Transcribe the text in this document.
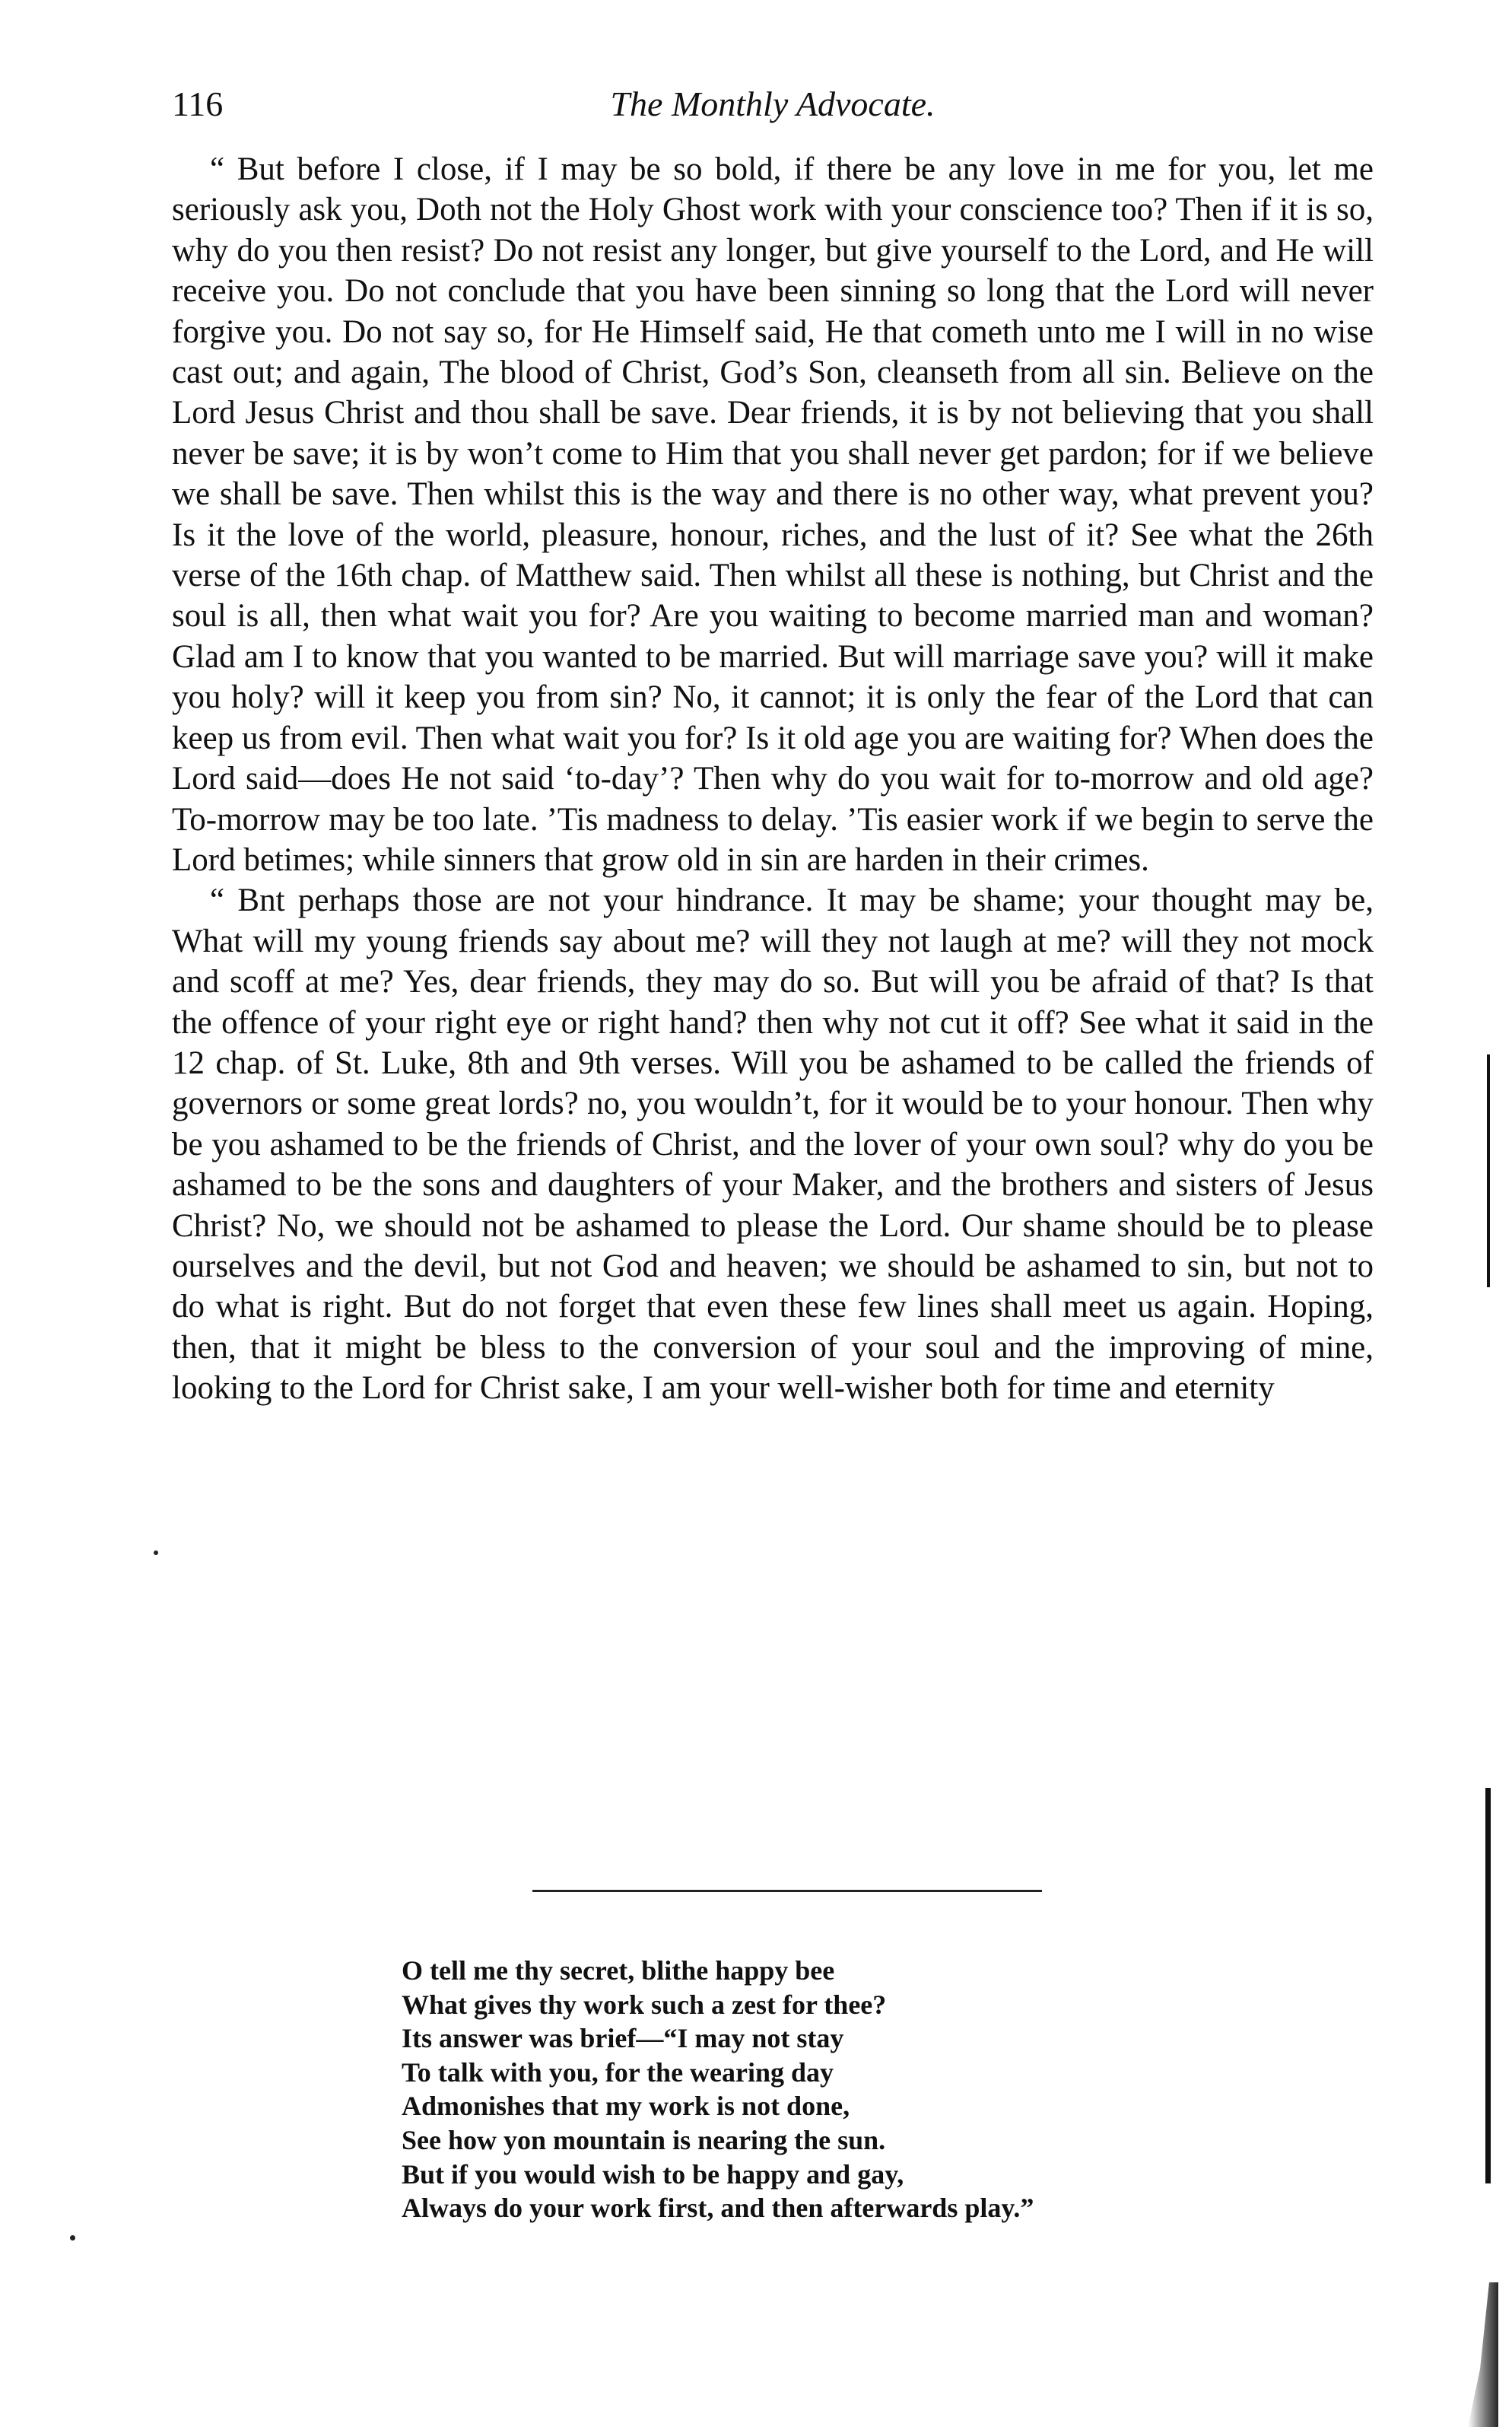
116	The Monthly Advocate.

“ But before I close, if I may be so bold, if there be any love in me for you, let me seriously ask you, Doth not the Holy Ghost work with your conscience too? Then if it is so, why do you then resist? Do not resist any longer, but give yourself to the Lord, and He will receive you. Do not conclude that you have been sinning so long that the Lord will never forgive you. Do not say so, for He Himself said, He that cometh unto me I will in no wise cast out; and again, The blood of Christ, God’s Son, cleanseth from all sin. Believe on the Lord Jesus Christ and thou shall be save. Dear friends, it is by not believing that you shall never be save; it is by won’t come to Him that you shall never get pardon; for if we believe we shall be save. Then whilst this is the way and there is no other way, what prevent you? Is it the love of the world, pleasure, honour, riches, and the lust of it? See what the 26th verse of the 16th chap. of Matthew said. Then whilst all these is nothing, but Christ and the soul is all, then what wait you for? Are you waiting to become married man and woman? Glad am I to know that you wanted to be married. But will marriage save you? will it make you holy? will it keep you from sin? No, it cannot; it is only the fear of the Lord that can keep us from evil. Then what wait you for? Is it old age you are waiting for? When does the Lord said—does He not said ‘to-day’? Then why do you wait for to-morrow and old age? To-morrow may be too late. ’Tis madness to delay. ’Tis easier work if we begin to serve the Lord betimes; while sinners that grow old in sin are harden in their crimes.

“ Bnt perhaps those are not your hindrance. It may be shame; your thought may be, What will my young friends say about me? will they not laugh at me? will they not mock and scoff at me? Yes, dear friends, they may do so. But will you be afraid of that? Is that the offence of your right eye or right hand? then why not cut it off? See what it said in the 12 chap. of St. Luke, 8th and 9th verses. Will you be ashamed to be called the friends of governors or some great lords? no, you wouldn’t, for it would be to your honour. Then why be you ashamed to be the friends of Christ, and the lover of your own soul? why do you be ashamed to be the sons and daughters of your Maker, and the brothers and sisters of Jesus Christ? No, we should not be ashamed to please the Lord. Our shame should be to please ourselves and the devil, but not God and heaven; we should be ashamed to sin, but not to do what is right. But do not forget that even these few lines shall meet us again. Hoping, then, that it might be bless to the conversion of your soul and the improving of mine, looking to the Lord for Christ sake, I am your well-wisher both for time and eternity

O tell me thy secret, blithe happy bee
What gives thy work such a zest for thee?
Its answer was brief—“I may not stay
To talk with you, for the wearing day
Admonishes that my work is not done,
See how yon mountain is nearing the sun.
But if you would wish to be happy and gay,
Always do your work first, and then afterwards play.”
